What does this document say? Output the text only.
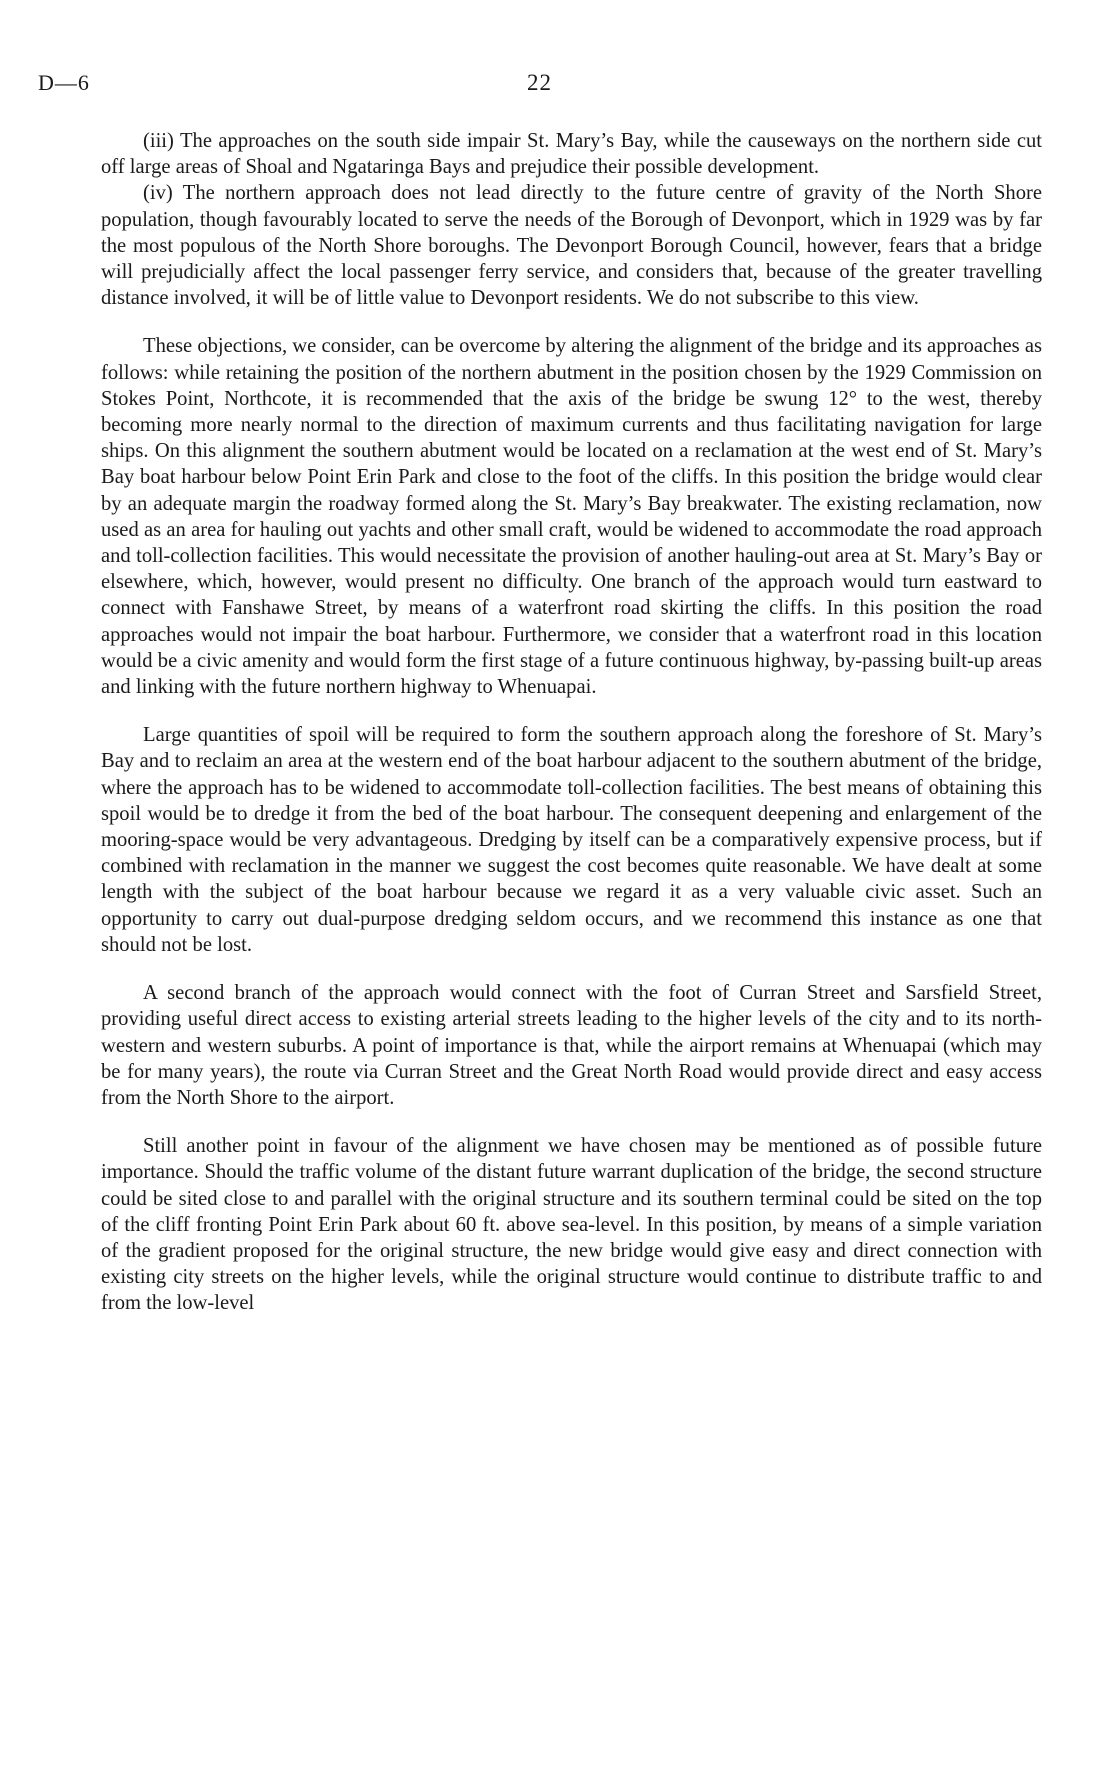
D—6	22

(iii) The approaches on the south side impair St. Mary’s Bay, while the causeways on the northern side cut off large areas of Shoal and Ngataringa Bays and prejudice their possible development.

(iv) The northern approach does not lead directly to the future centre of gravity of the North Shore population, though favourably located to serve the needs of the Borough of Devonport, which in 1929 was by far the most populous of the North Shore boroughs. The Devonport Borough Council, however, fears that a bridge will prejudicially affect the local passenger ferry service, and considers that, because of the greater travelling distance involved, it will be of little value to Devonport residents. We do not subscribe to this view.

These objections, we consider, can be overcome by altering the alignment of the bridge and its approaches as follows: while retaining the position of the northern abutment in the position chosen by the 1929 Commission on Stokes Point, Northcote, it is recommended that the axis of the bridge be swung 12° to the west, thereby becoming more nearly normal to the direction of maximum currents and thus facilitating navigation for large ships. On this alignment the southern abutment would be located on a reclamation at the west end of St. Mary’s Bay boat harbour below Point Erin Park and close to the foot of the cliffs. In this position the bridge would clear by an adequate margin the roadway formed along the St. Mary’s Bay breakwater. The existing reclamation, now used as an area for hauling out yachts and other small craft, would be widened to accommodate the road approach and toll-collection facilities. This would necessitate the provision of another hauling-out area at St. Mary’s Bay or elsewhere, which, however, would present no difficulty. One branch of the approach would turn eastward to connect with Fanshawe Street, by means of a waterfront road skirting the cliffs. In this position the road approaches would not impair the boat harbour. Furthermore, we consider that a waterfront road in this location would be a civic amenity and would form the first stage of a future continuous highway, by-passing built-up areas and linking with the future northern highway to Whenuapai.

Large quantities of spoil will be required to form the southern approach along the foreshore of St. Mary’s Bay and to reclaim an area at the western end of the boat harbour adjacent to the southern abutment of the bridge, where the approach has to be widened to accommodate toll-collection facilities. The best means of obtaining this spoil would be to dredge it from the bed of the boat harbour. The consequent deepening and enlargement of the mooring-space would be very advantageous. Dredging by itself can be a comparatively expensive process, but if combined with reclamation in the manner we suggest the cost becomes quite reasonable. We have dealt at some length with the subject of the boat harbour because we regard it as a very valuable civic asset. Such an opportunity to carry out dual-purpose dredging seldom occurs, and we recommend this instance as one that should not be lost.

A second branch of the approach would connect with the foot of Curran Street and Sarsfield Street, providing useful direct access to existing arterial streets leading to the higher levels of the city and to its north-western and western suburbs. A point of importance is that, while the airport remains at Whenuapai (which may be for many years), the route via Curran Street and the Great North Road would provide direct and easy access from the North Shore to the airport.

Still another point in favour of the alignment we have chosen may be mentioned as of possible future importance. Should the traffic volume of the distant future warrant duplication of the bridge, the second structure could be sited close to and parallel with the original structure and its southern terminal could be sited on the top of the cliff fronting Point Erin Park about 60 ft. above sea-level. In this position, by means of a simple variation of the gradient proposed for the original structure, the new bridge would give easy and direct connection with existing city streets on the higher levels, while the original structure would continue to distribute traffic to and from the low-level
